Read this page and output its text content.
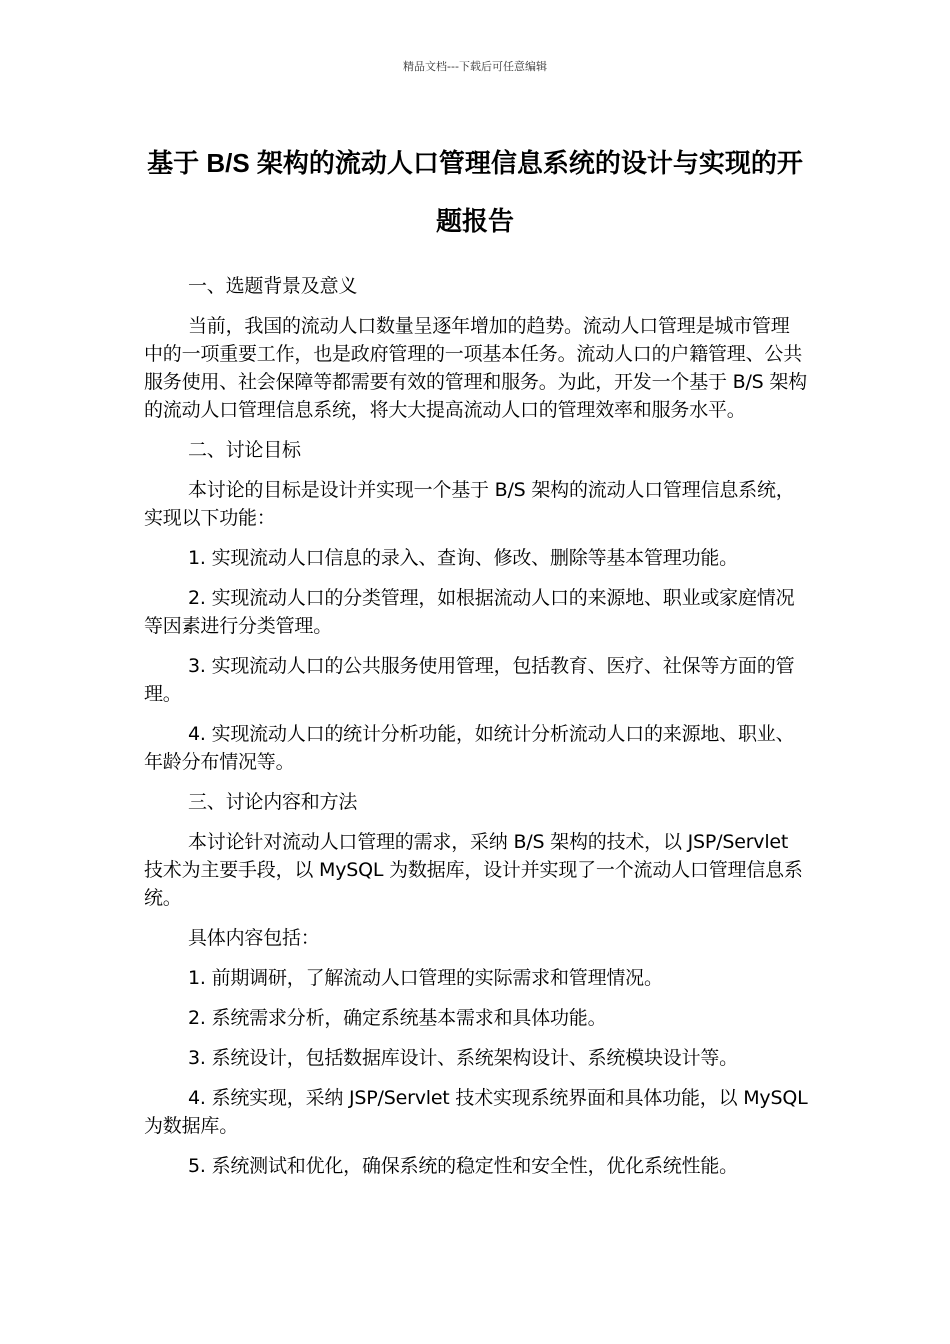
精品文档---下载后可任意编辑
基于 B/S 架构的流动人口管理信息系统的设计与实现的开题报告

一、选题背景及意义

当前，我国的流动人口数量呈逐年增加的趋势。流动人口管理是城市管理中的一项重要工作，也是政府管理的一项基本任务。流动人口的户籍管理、公共服务使用、社会保障等都需要有效的管理和服务。为此，开发一个基于 B/S 架构的流动人口管理信息系统，将大大提高流动人口的管理效率和服务水平。

二、讨论目标

本讨论的目标是设计并实现一个基于 B/S 架构的流动人口管理信息系统，实现以下功能：

1. 实现流动人口信息的录入、查询、修改、删除等基本管理功能。

2. 实现流动人口的分类管理，如根据流动人口的来源地、职业或家庭情况等因素进行分类管理。

3. 实现流动人口的公共服务使用管理，包括教育、医疗、社保等方面的管理。

4. 实现流动人口的统计分析功能，如统计分析流动人口的来源地、职业、年龄分布情况等。

三、讨论内容和方法

本讨论针对流动人口管理的需求，采纳 B/S 架构的技术，以 JSP/Servlet 技术为主要手段，以 MySQL 为数据库，设计并实现了一个流动人口管理信息系统。

具体内容包括：

1. 前期调研，了解流动人口管理的实际需求和管理情况。

2. 系统需求分析，确定系统基本需求和具体功能。

3. 系统设计，包括数据库设计、系统架构设计、系统模块设计等。

4. 系统实现，采纳 JSP/Servlet 技术实现系统界面和具体功能，以 MySQL 为数据库。

5. 系统测试和优化，确保系统的稳定性和安全性，优化系统性能。
